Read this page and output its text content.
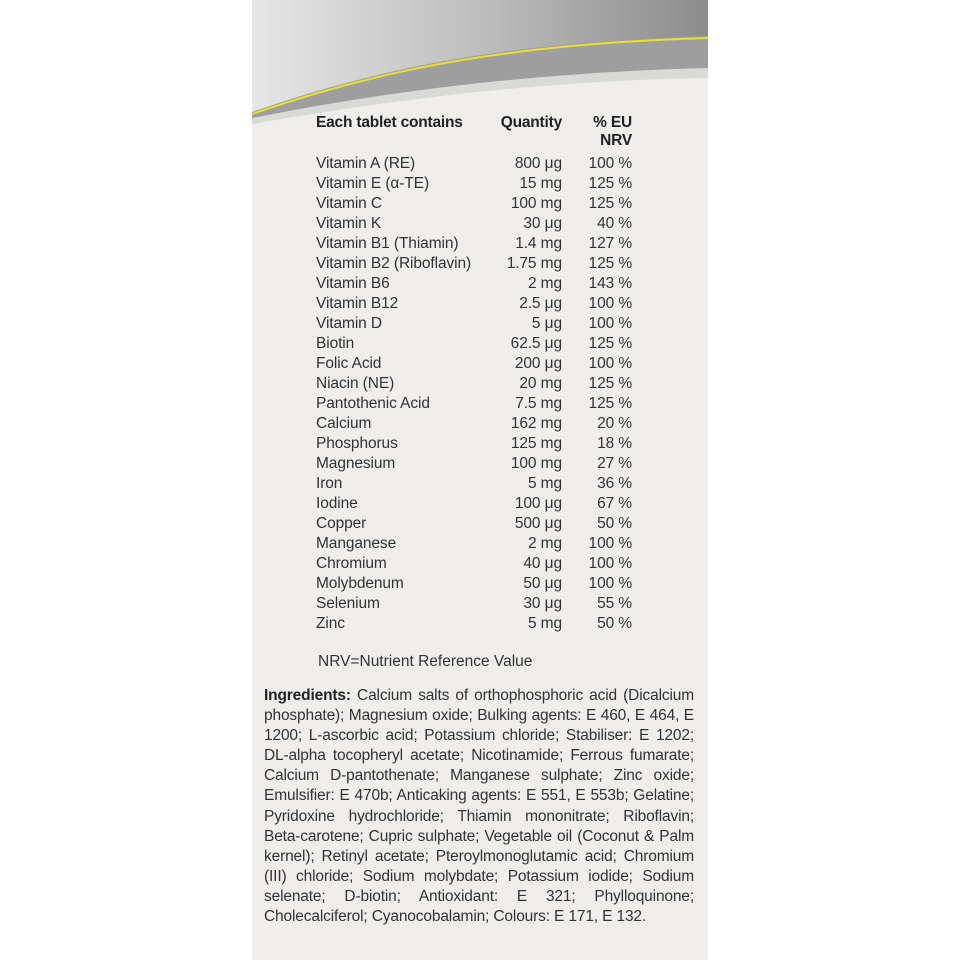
Each tablet contains	Quantity	% EU NRV
Vitamin A (RE)	800 μg	100 %
Vitamin E (α-TE)	15 mg	125 %
Vitamin C	100 mg	125 %
Vitamin K	30 μg	40 %
Vitamin B1 (Thiamin)	1.4 mg	127 %
Vitamin B2 (Riboflavin)	1.75 mg	125 %
Vitamin B6	2 mg	143 %
Vitamin B12	2.5 μg	100 %
Vitamin D	5 μg	100 %
Biotin	62.5 μg	125 %
Folic Acid	200 μg	100 %
Niacin (NE)	20 mg	125 %
Pantothenic Acid	7.5 mg	125 %
Calcium	162 mg	20 %
Phosphorus	125 mg	18 %
Magnesium	100 mg	27 %
Iron	5 mg	36 %
Iodine	100 μg	67 %
Copper	500 μg	50 %
Manganese	2 mg	100 %
Chromium	40 μg	100 %
Molybdenum	50 μg	100 %
Selenium	30 μg	55 %
Zinc	5 mg	50 %
NRV=Nutrient Reference Value
Ingredients: Calcium salts of orthophosphoric acid (Dicalcium phosphate); Magnesium oxide; Bulking agents: E 460, E 464, E 1200; L-ascorbic acid; Potassium chloride; Stabiliser: E 1202; DL-alpha tocopheryl acetate; Nicotinamide; Ferrous fumarate; Calcium D-pantothenate; Manganese sulphate; Zinc oxide; Emulsifier: E 470b; Anticaking agents: E 551, E 553b; Gelatine; Pyridoxine hydrochloride; Thiamin mononitrate; Riboflavin; Beta-carotene; Cupric sulphate; Vegetable oil (Coconut & Palm kernel); Retinyl acetate; Pteroylmonoglutamic acid; Chromium (III) chloride; Sodium molybdate; Potassium iodide; Sodium selenate; D-biotin; Antioxidant: E 321; Phylloquinone; Cholecalciferol; Cyanocobalamin; Colours: E 171, E 132.
